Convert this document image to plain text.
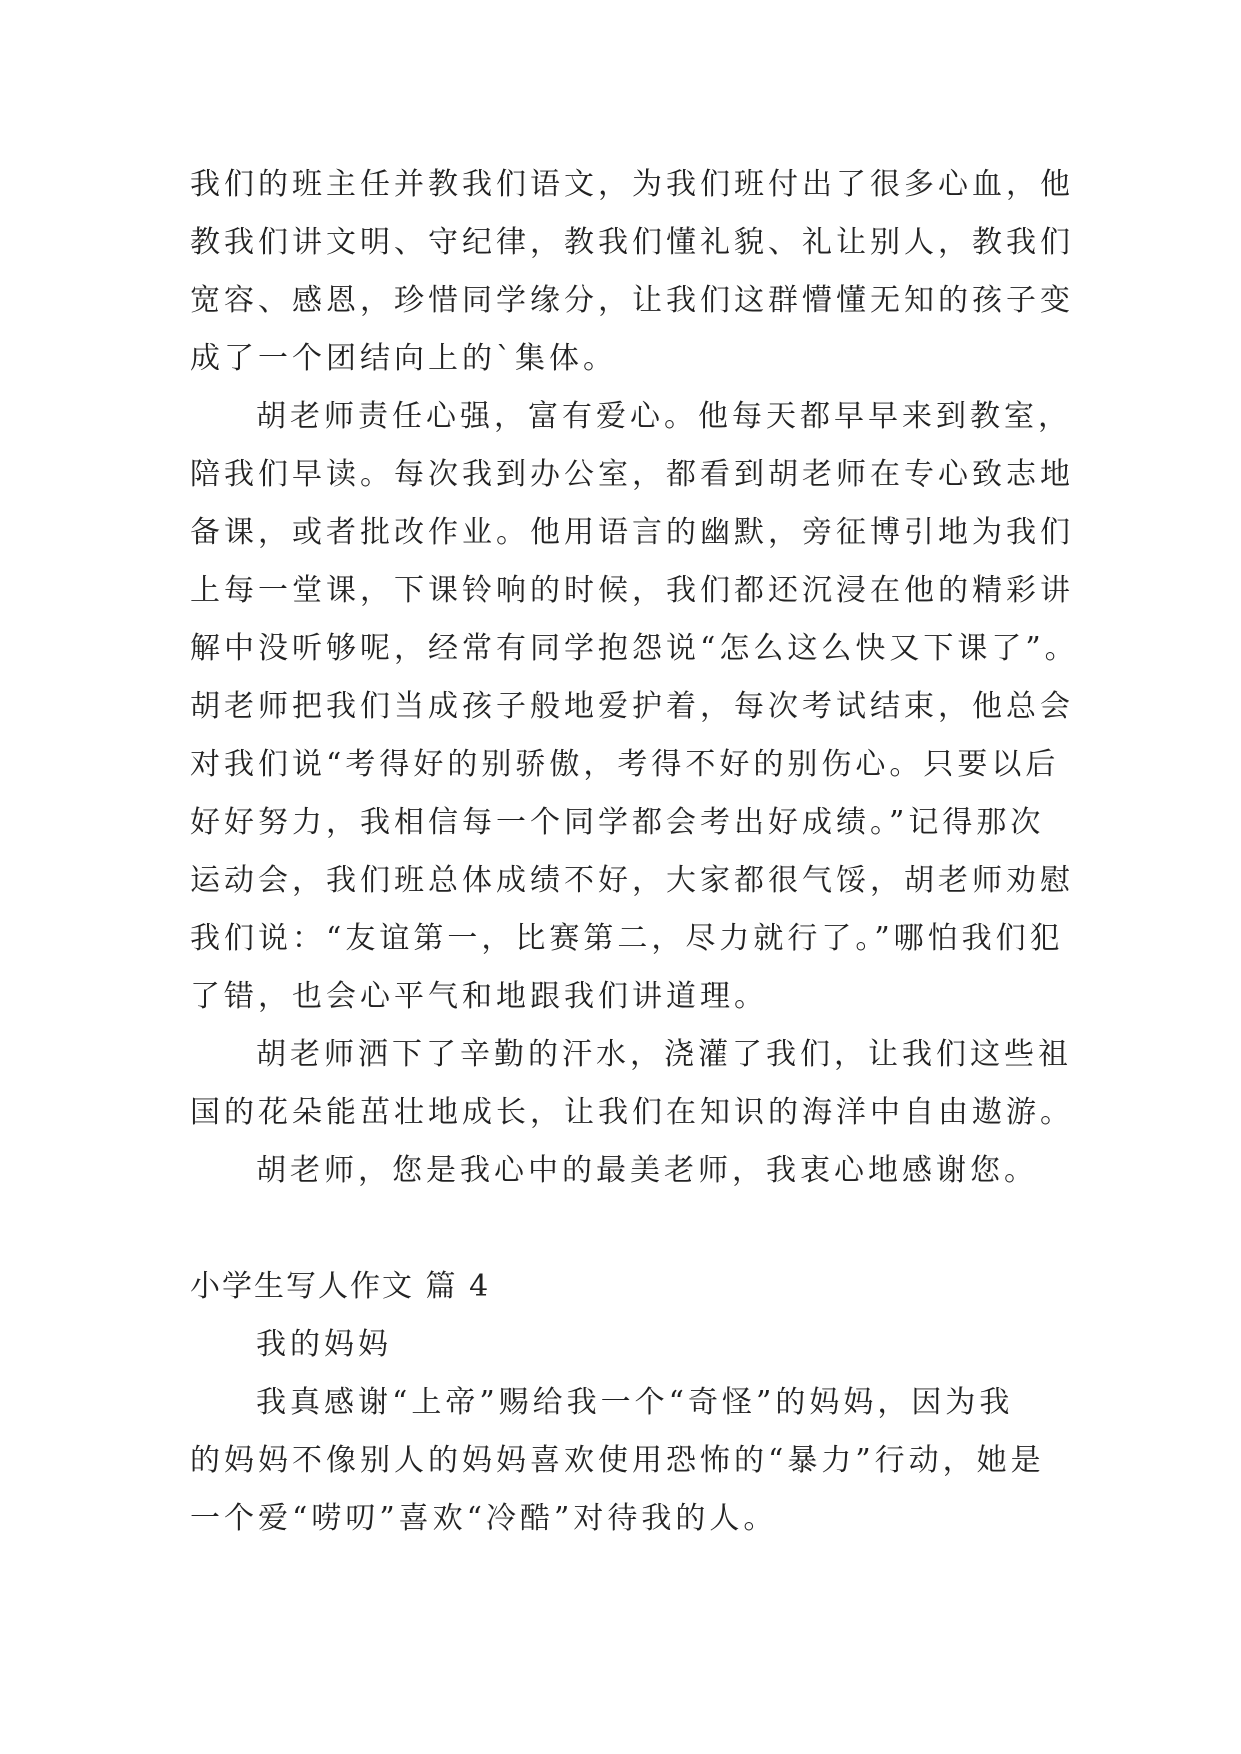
我们的班主任并教我们语文，为我们班付出了很多心血，他
教我们讲文明、守纪律，教我们懂礼貌、礼让别人，教我们
宽容、感恩，珍惜同学缘分，让我们这群懵懂无知的孩子变
成了一个团结向上的`集体。
胡老师责任心强，富有爱心。他每天都早早来到教室，
陪我们早读。每次我到办公室，都看到胡老师在专心致志地
备课，或者批改作业。他用语言的幽默，旁征博引地为我们
上每一堂课，下课铃响的时候，我们都还沉浸在他的精彩讲
解中没听够呢，经常有同学抱怨说“怎么这么快又下课了”。
胡老师把我们当成孩子般地爱护着，每次考试结束，他总会
对我们说“考得好的别骄傲，考得不好的别伤心。只要以后
好好努力，我相信每一个同学都会考出好成绩。”记得那次
运动会，我们班总体成绩不好，大家都很气馁，胡老师劝慰
我们说：“友谊第一，比赛第二，尽力就行了。”哪怕我们犯
了错，也会心平气和地跟我们讲道理。
胡老师洒下了辛勤的汗水，浇灌了我们，让我们这些祖
国的花朵能茁壮地成长，让我们在知识的海洋中自由遨游。
胡老师，您是我心中的最美老师，我衷心地感谢您。
小学生写人作文 篇 4
我的妈妈
我真感谢“上帝”赐给我一个“奇怪”的妈妈，因为我
的妈妈不像别人的妈妈喜欢使用恐怖的“暴力”行动，她是
一个爱“唠叨”喜欢“冷酷”对待我的人。
